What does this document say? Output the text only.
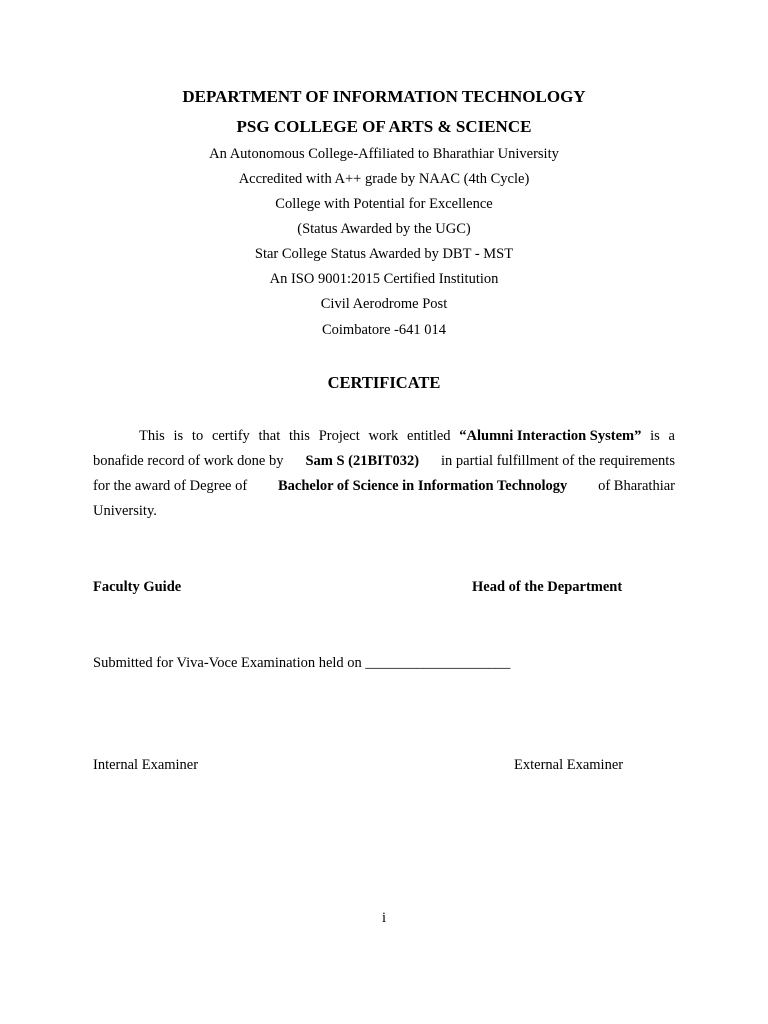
DEPARTMENT OF INFORMATION TECHNOLOGY
PSG COLLEGE OF ARTS & SCIENCE
An Autonomous College-Affiliated to Bharathiar University
Accredited with A++ grade by NAAC (4th Cycle)
College with Potential for Excellence
(Status Awarded by the UGC)
Star College Status Awarded by DBT - MST
An ISO 9001:2015 Certified Institution
Civil Aerodrome Post
Coimbatore -641 014
CERTIFICATE
This is to certify that this Project work entitled “Alumni Interaction System” is a
bonafide record of work done by Sam S (21BIT032) in partial fulfillment of the requirements
for the award of Degree of Bachelor of Science in Information Technology of Bharathiar
University.
Faculty Guide	Head of the Department
Submitted for Viva-Voce Examination held on ____________________
Internal Examiner	External Examiner
i
